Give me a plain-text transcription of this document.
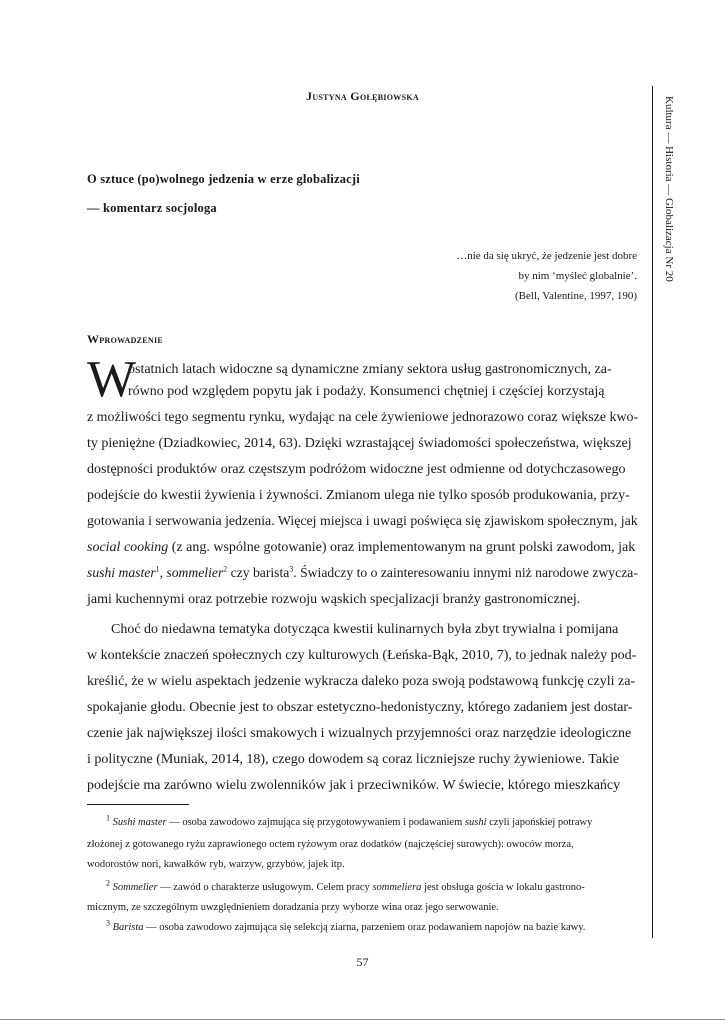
Justyna Gołębiowska
O sztuce (po)wolnego jedzenia w erze globalizacji
— komentarz socjologa
…nie da się ukryć, że jedzenie jest dobre
by nim ‘myśleć globalnie’.
(Bell, Valentine, 1997, 190)
Wprowadzenie
W
ostatnich latach widoczne są dynamiczne zmiany sektora usług gastronomicznych, za-
równo pod względem popytu jak i podaży. Konsumenci chętniej i częściej korzystają
z możliwości tego segmentu rynku, wydając na cele żywieniowe jednorazowo coraz większe kwo-
ty pieniężne (Dziadkowiec, 2014, 63). Dzięki wzrastającej świadomości społeczeństwa, większej
dostępności produktów oraz częstszym podróżom widoczne jest odmienne od dotychczasowego
podejście do kwestii żywienia i żywności. Zmianom ulega nie tylko sposób produkowania, przy-
gotowania i serwowania jedzenia. Więcej miejsca i uwagi poświęca się zjawiskom społecznym, jak
social cooking (z ang. wspólne gotowanie) oraz implementowanym na grunt polski zawodom, jak
sushi master$^1$, sommelier$^2$ czy barista$^3$. Świadczy to o zainteresowaniu innymi niż narodowe zwycza-
jami kuchennymi oraz potrzebie rozwoju wąskich specjalizacji branży gastronomicznej.
Choć do niedawna tematyka dotycząca kwestii kulinarnych była zbyt trywialna i pomijana
w kontekście znaczeń społecznych czy kulturowych (Łeńska-Bąk, 2010, 7), to jednak należy pod-
kreślić, że w wielu aspektach jedzenie wykracza daleko poza swoją podstawową funkcję czyli za-
spokajanie głodu. Obecnie jest to obszar estetyczno-hedonistyczny, którego zadaniem jest dostar-
czenie jak największej ilości smakowych i wizualnych przyjemności oraz narzędzie ideologiczne
i polityczne (Muniak, 2014, 18), czego dowodem są coraz liczniejsze ruchy żywieniowe. Takie
podejście ma zarówno wielu zwolenników jak i przeciwników. W świecie, którego mieszkańcy
$^1$ Sushi master — osoba zawodowo zajmująca się przygotowywaniem i podawaniem sushi czyli japońskiej potrawy
złożonej z gotowanego ryżu zaprawionego octem ryżowym oraz dodatków (najczęściej surowych): owoców morza,
wodorostów nori, kawałków ryb, warzyw, grzybów, jajek itp.
$^2$ Sommelier — zawód o charakterze usługowym. Celem pracy sommeliera jest obsługa gościa w lokalu gastrono-
micznym, ze szczególnym uwzględnieniem doradzania przy wyborze wina oraz jego serwowanie.
$^3$ Barista — osoba zawodowo zajmująca się selekcją ziarna, parzeniem oraz podawaniem napojów na bazie kawy.
57
Kultura — Historia — Globalizacja Nr 20
